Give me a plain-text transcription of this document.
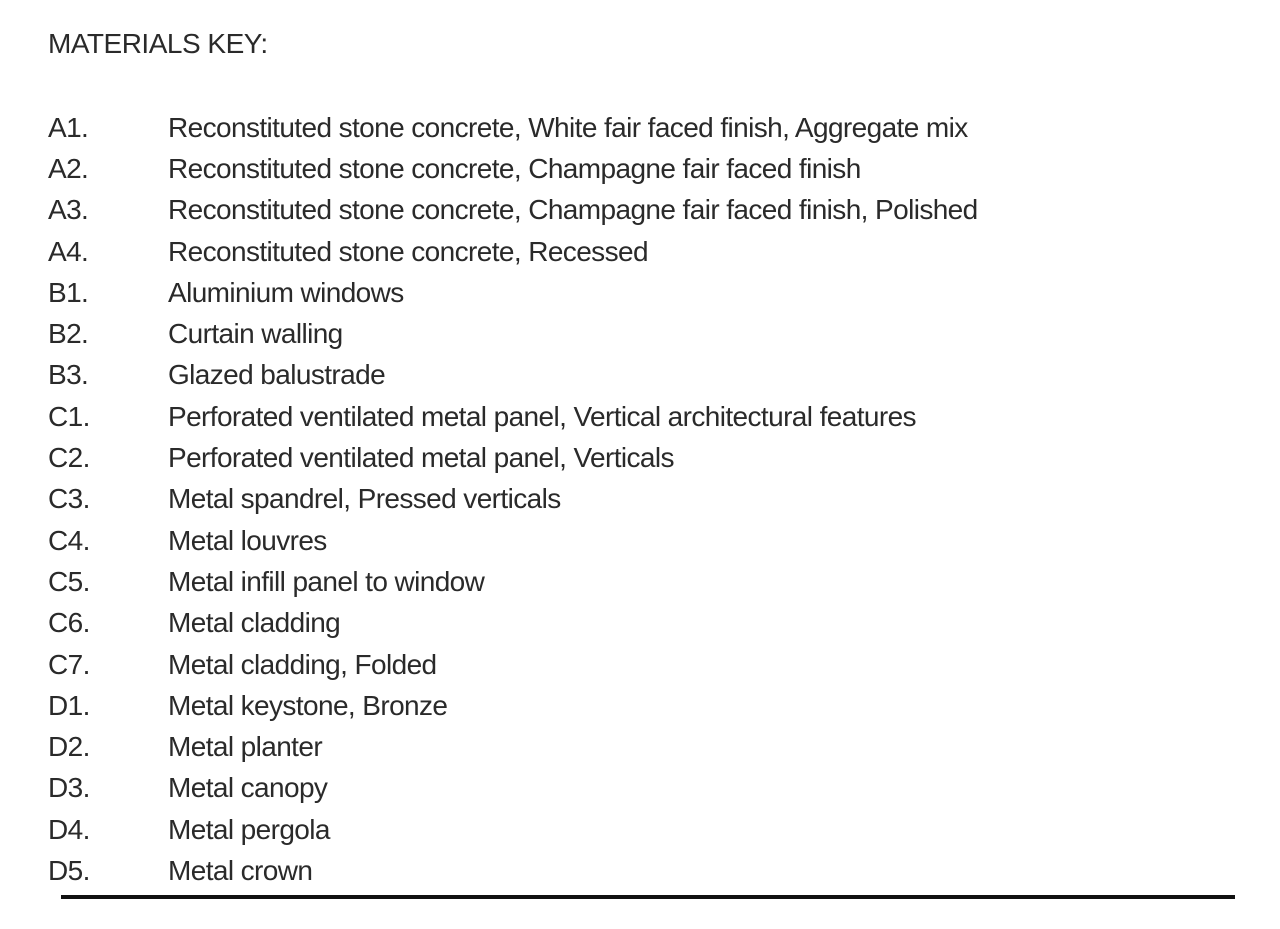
MATERIALS KEY:
A1.	Reconstituted stone concrete, White fair faced finish, Aggregate mix
A2.	Reconstituted stone concrete, Champagne fair faced finish
A3.	Reconstituted stone concrete, Champagne fair faced finish, Polished
A4.	Reconstituted stone concrete, Recessed
B1.	Aluminium windows
B2.	Curtain walling
B3.	Glazed balustrade
C1.	Perforated ventilated metal panel, Vertical architectural features
C2.	Perforated ventilated metal panel, Verticals
C3.	Metal spandrel, Pressed verticals
C4.	Metal louvres
C5.	Metal infill panel to window
C6.	Metal cladding
C7.	Metal cladding, Folded
D1.	Metal keystone, Bronze
D2.	Metal planter
D3.	Metal canopy
D4.	Metal pergola
D5.	Metal crown
